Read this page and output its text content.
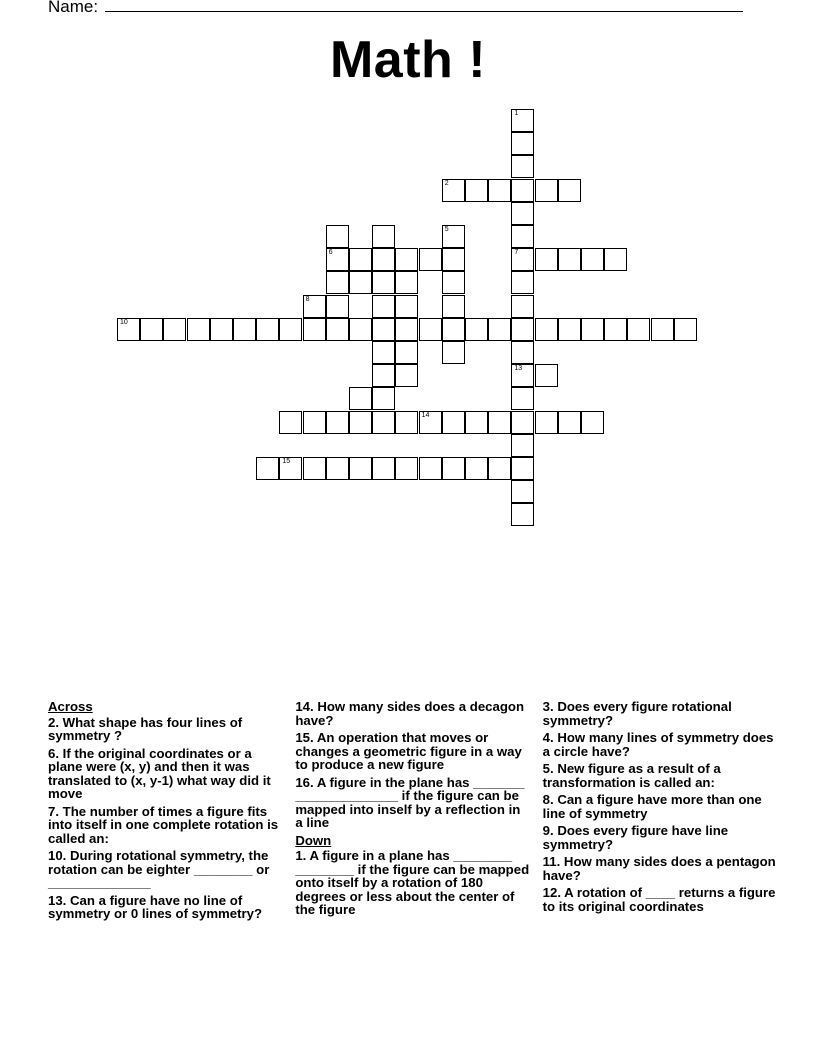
Name:
Math !
1
7
13
2
6
5
8
10
14
15
Across
2. What shape has four lines of symmetry ?
6. If the original coordinates or a plane were (x, y) and then it was translated to (x, y-1) what way did it move
7. The number of times a figure fits into itself in one complete rotation is called an:
10. During rotational symmetry, the rotation can be eighter ________ or ______________
13. Can a figure have no line of symmetry or 0 lines of symmetry?
14. How many sides does a decagon have?
15. An operation that moves or changes a geometric figure in a way to produce a new figure
16. A figure in the plane has _______ ______________ if the figure can be mapped into inself by a reflection in a line
Down
1. A figure in a plane has ________ ________ if the figure can be mapped onto itself by a rotation of 180 degrees or less about the center of the figure
3. Does every figure rotational symmetry?
4. How many lines of symmetry does a circle have?
5. New figure as a result of a transformation is called an:
8. Can a figure have more than one line of symmetry
9. Does every figure have line symmetry?
11. How many sides does a pentagon have?
12. A rotation of ____ returns a figure to its original coordinates
